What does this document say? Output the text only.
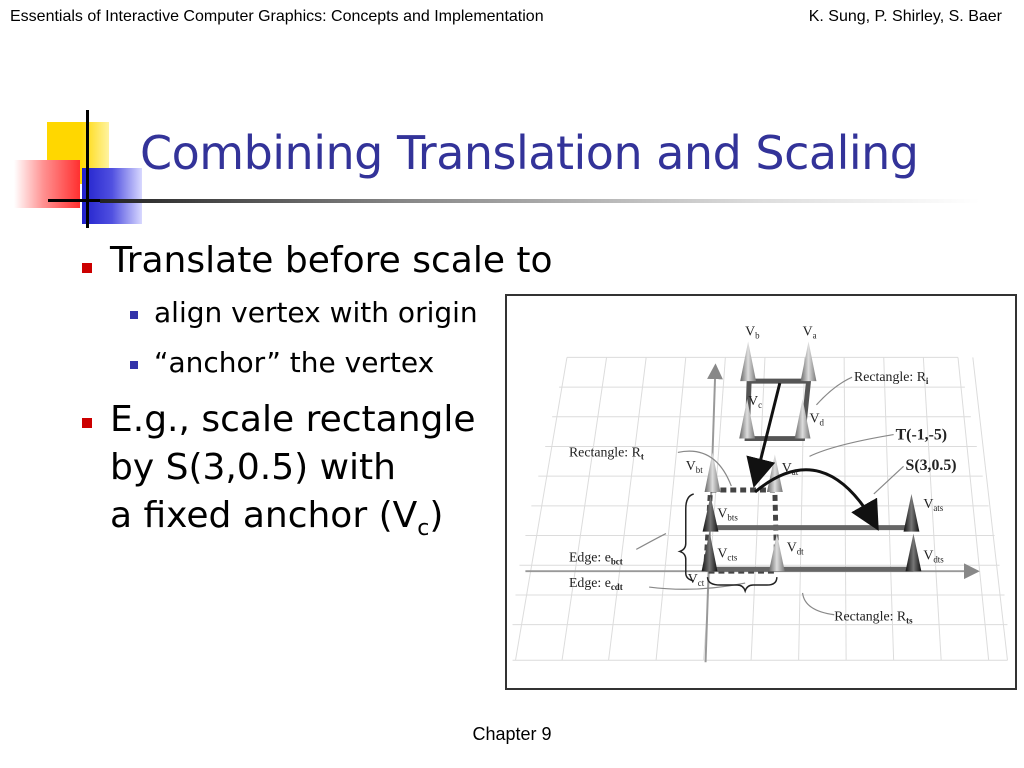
Essentials of Interactive Computer Graphics: Concepts and Implementation	K. Sung, P. Shirley, S. Baer
Combining Translation and Scaling
Translate before scale to
align vertex with origin
“anchor” the vertex
E.g., scale rectangle
by S(3,0.5) with
a fixed anchor $(V_c)$
$V_b$	$V_a$
$V_c$
$V_d$
$V_{bt}$	$V_{at}$
$V_{bts}$
$V_{cts}$
$V_{dt}$
$V_{ct}$
$V_{ats}$
$V_{dts}$
Rectangle: $R_i$
Rectangle: $R_t$
Rectangle: $R_{ts}$
T(-1,-5)
S(3,0.5)
Edge: $e_{bct}$
Edge: $e_{cdt}$
Chapter 9
